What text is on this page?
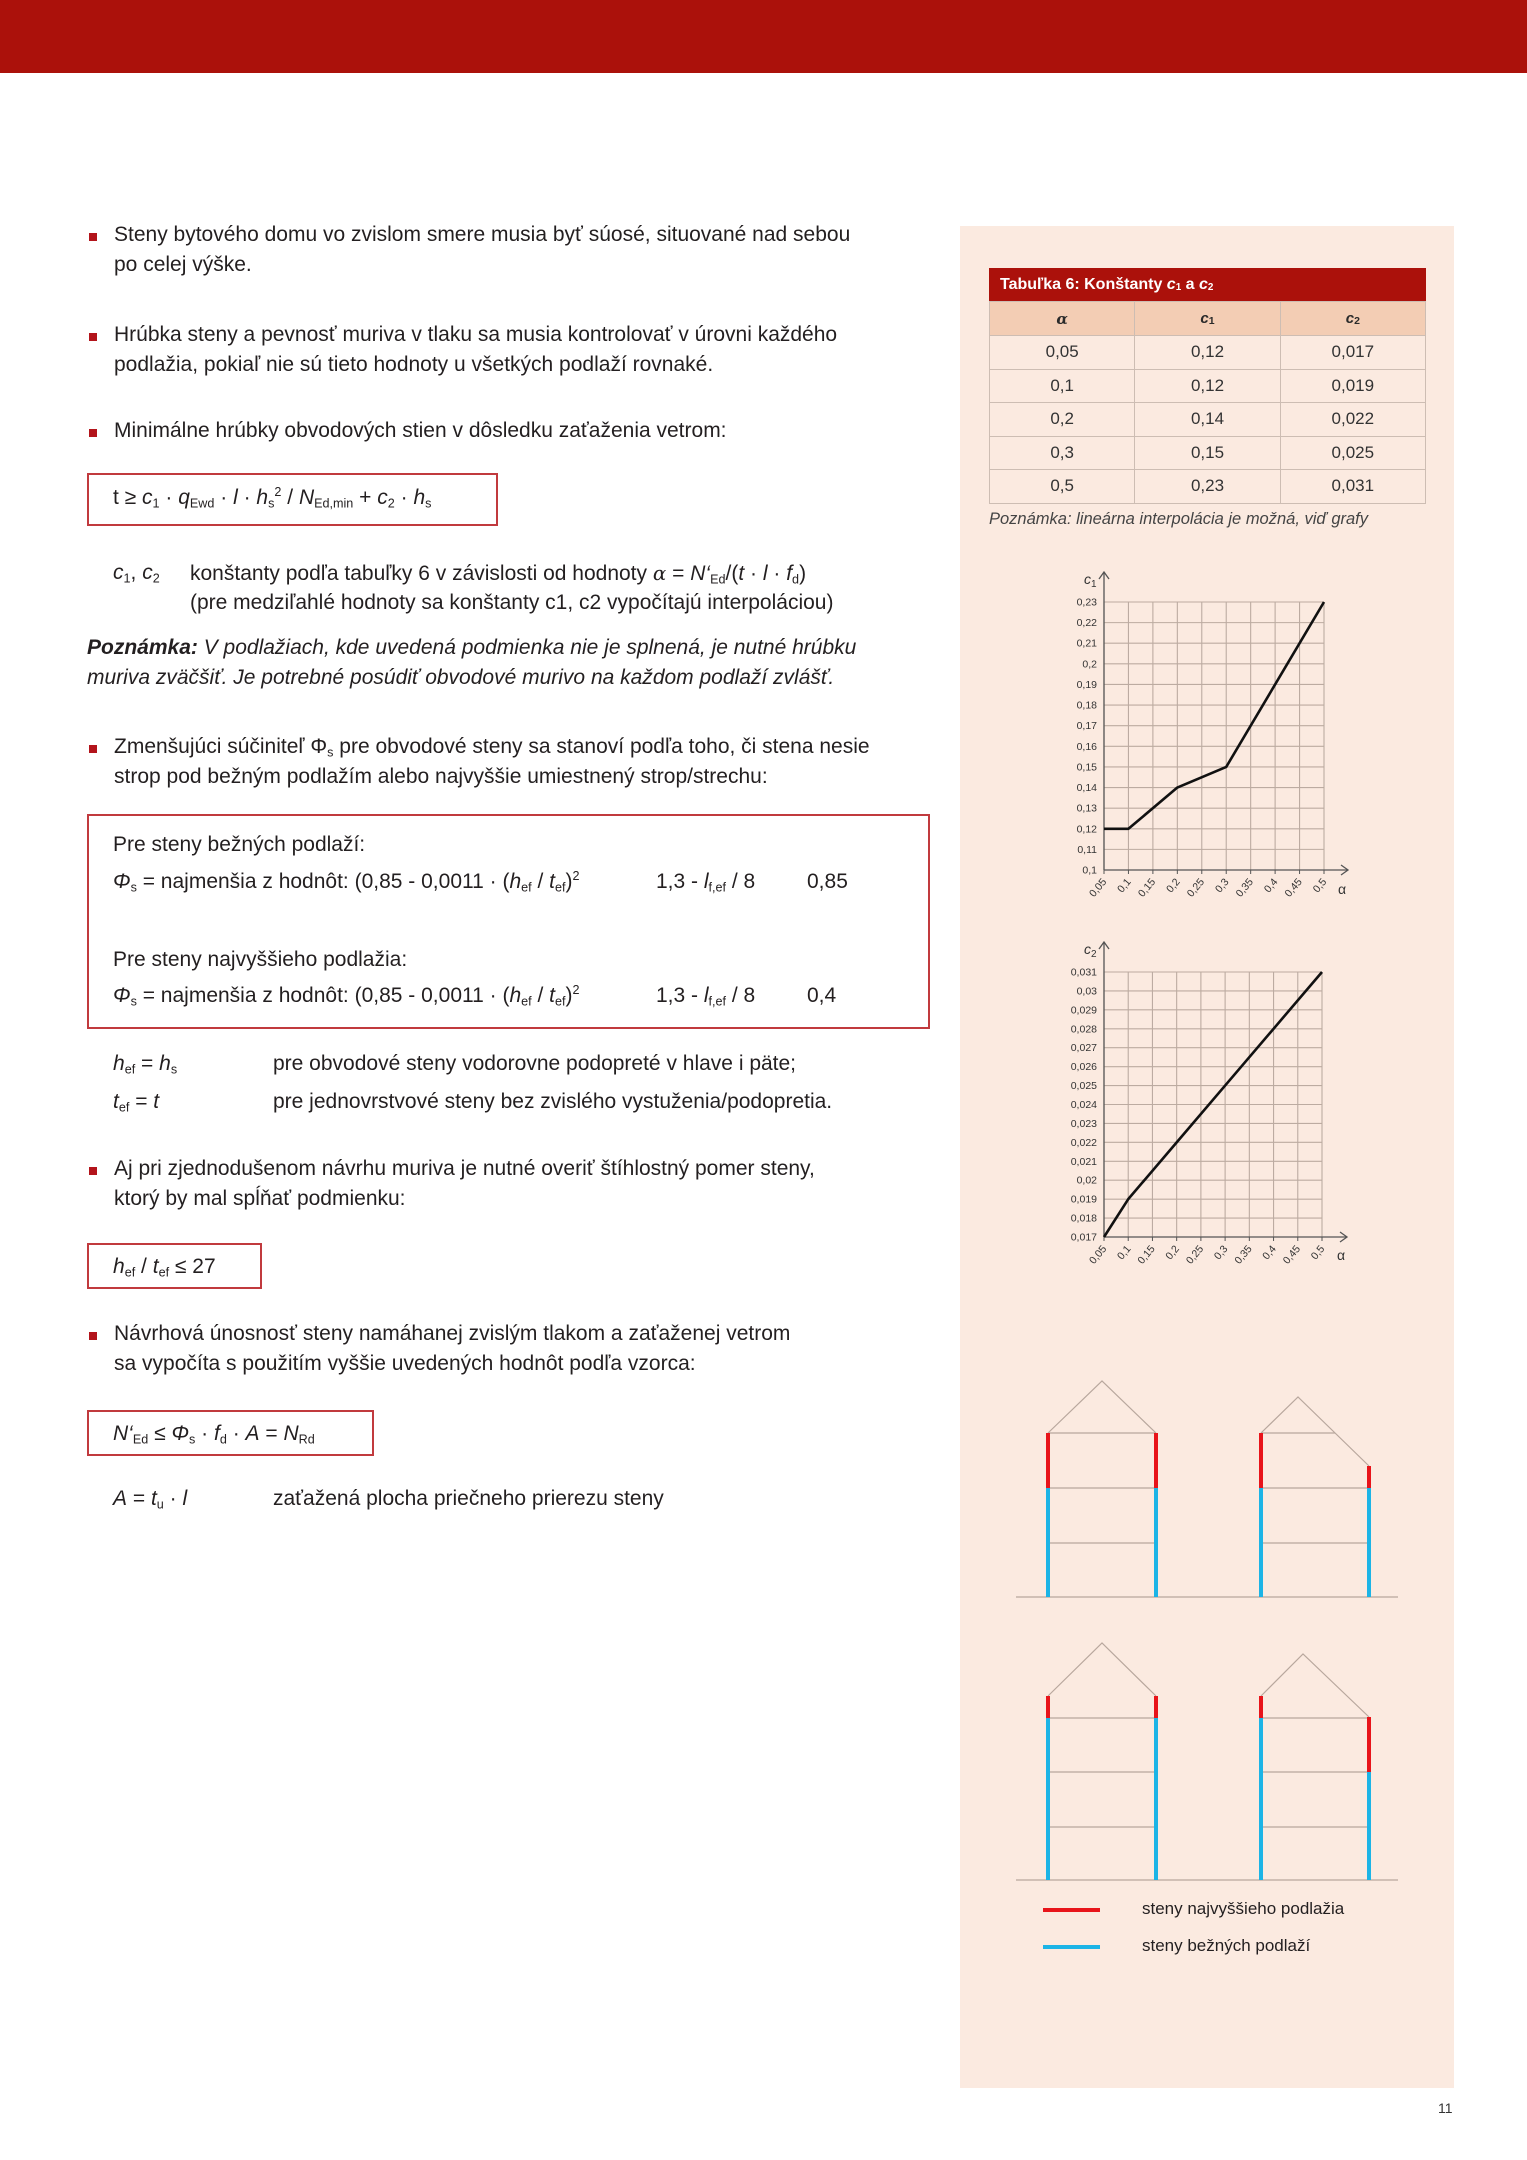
Steny bytového domu vo zvislom smere musia byť súosé, situované nad sebou
po celej výške.
Hrúbka steny a pevnosť muriva v tlaku sa musia kontrolovať v úrovni každého
podlažia, pokiaľ nie sú tieto hodnoty u všetkých podlaží rovnaké.
Minimálne hrúbky obvodových stien v dôsledku zaťaženia vetrom:
$t \ge c_1 \cdot q_{Ewd} \cdot l \cdot h_s^2 / N_{Ed,min} + c_2 \cdot h_s$
$c_1$, $c_2$ konštanty podľa tabuľky 6 v závislosti od hodnoty $\alpha = N‘_{Ed}/(t \cdot l \cdot f_d)$
(pre medziľahlé hodnoty sa konštanty c1, c2 vypočítajú interpoláciou)
Poznámka: V podlažiach, kde uvedená podmienka nie je splnená, je nutné hrúbku
muriva zväčšiť. Je potrebné posúdiť obvodové murivo na každom podlaží zvlášť.
Zmenšujúci súčiniteľ $\Phi_s$ pre obvodové steny sa stanoví podľa toho, či stena nesie
strop pod bežným podlažím alebo najvyššie umiestnený strop/strechu:
Pre steny bežných podlaží:
$\Phi_s$ = najmenšia z hodnôt: ($0,85 - 0,0011 \cdot (h_{ef} / t_{ef})^2$	$1,3 - l_{f,ef} / 8$ 0,85
Pre steny najvyššieho podlažia:
$\Phi_s$ = najmenšia z hodnôt: ($0,85 - 0,0011 \cdot (h_{ef} / t_{ef})^2$	$1,3 - l_{f,ef} / 8$ 0,4
$h_{ef} = h_s$	pre obvodové steny vodorovne podopreté v hlave i päte;
$t_{ef} = t$	pre jednovrstvové steny bez zvislého vystuženia/podopretia.
Aj pri zjednodušenom návrhu muriva je nutné overiť štíhlostný pomer steny,
ktorý by mal spĺňať podmienku:
$h_{ef} / t_{ef} \le 27$
Návrhová únosnosť steny namáhanej zvislým tlakom a zaťaženej vetrom
sa vypočíta s použitím vyššie uvedených hodnôt podľa vzorca:
$N‘_{Ed} \le \Phi_s \cdot f_d \cdot A = N_{Rd}$
$A = t_u \cdot l$	zaťažená plocha priečneho prierezu steny
Tabuľka 6: Konštanty $c_1$ a $c_2$
α	$c_1$	$c_2$
0,05	0,12	0,017
0,1	0,12	0,019
0,2	0,14	0,022
0,3	0,15	0,025
0,5	0,23	0,031
Poznámka: lineárna interpolácia je možná, viď grafy
0,1
0,11
0,12
0,13
0,14
0,15
0,16
0,17
0,18
0,19
0,2
0,21
0,22
0,23
0,05 0,1 0,15 0,2 0,25 0,3 0,35 0,4 0,45 0,5
$c_1$
α
0,017
0,018
0,019
0,02
0,021
0,022
0,023
0,024
0,025
0,026
0,027
0,028
0,029
0,03
0,031
0,05 0,1 0,15 0,2 0,25 0,3 0,35 0,4 0,45 0,5
$c_2$
α
steny najvyššieho podlažia
steny bežných podlaží
11
